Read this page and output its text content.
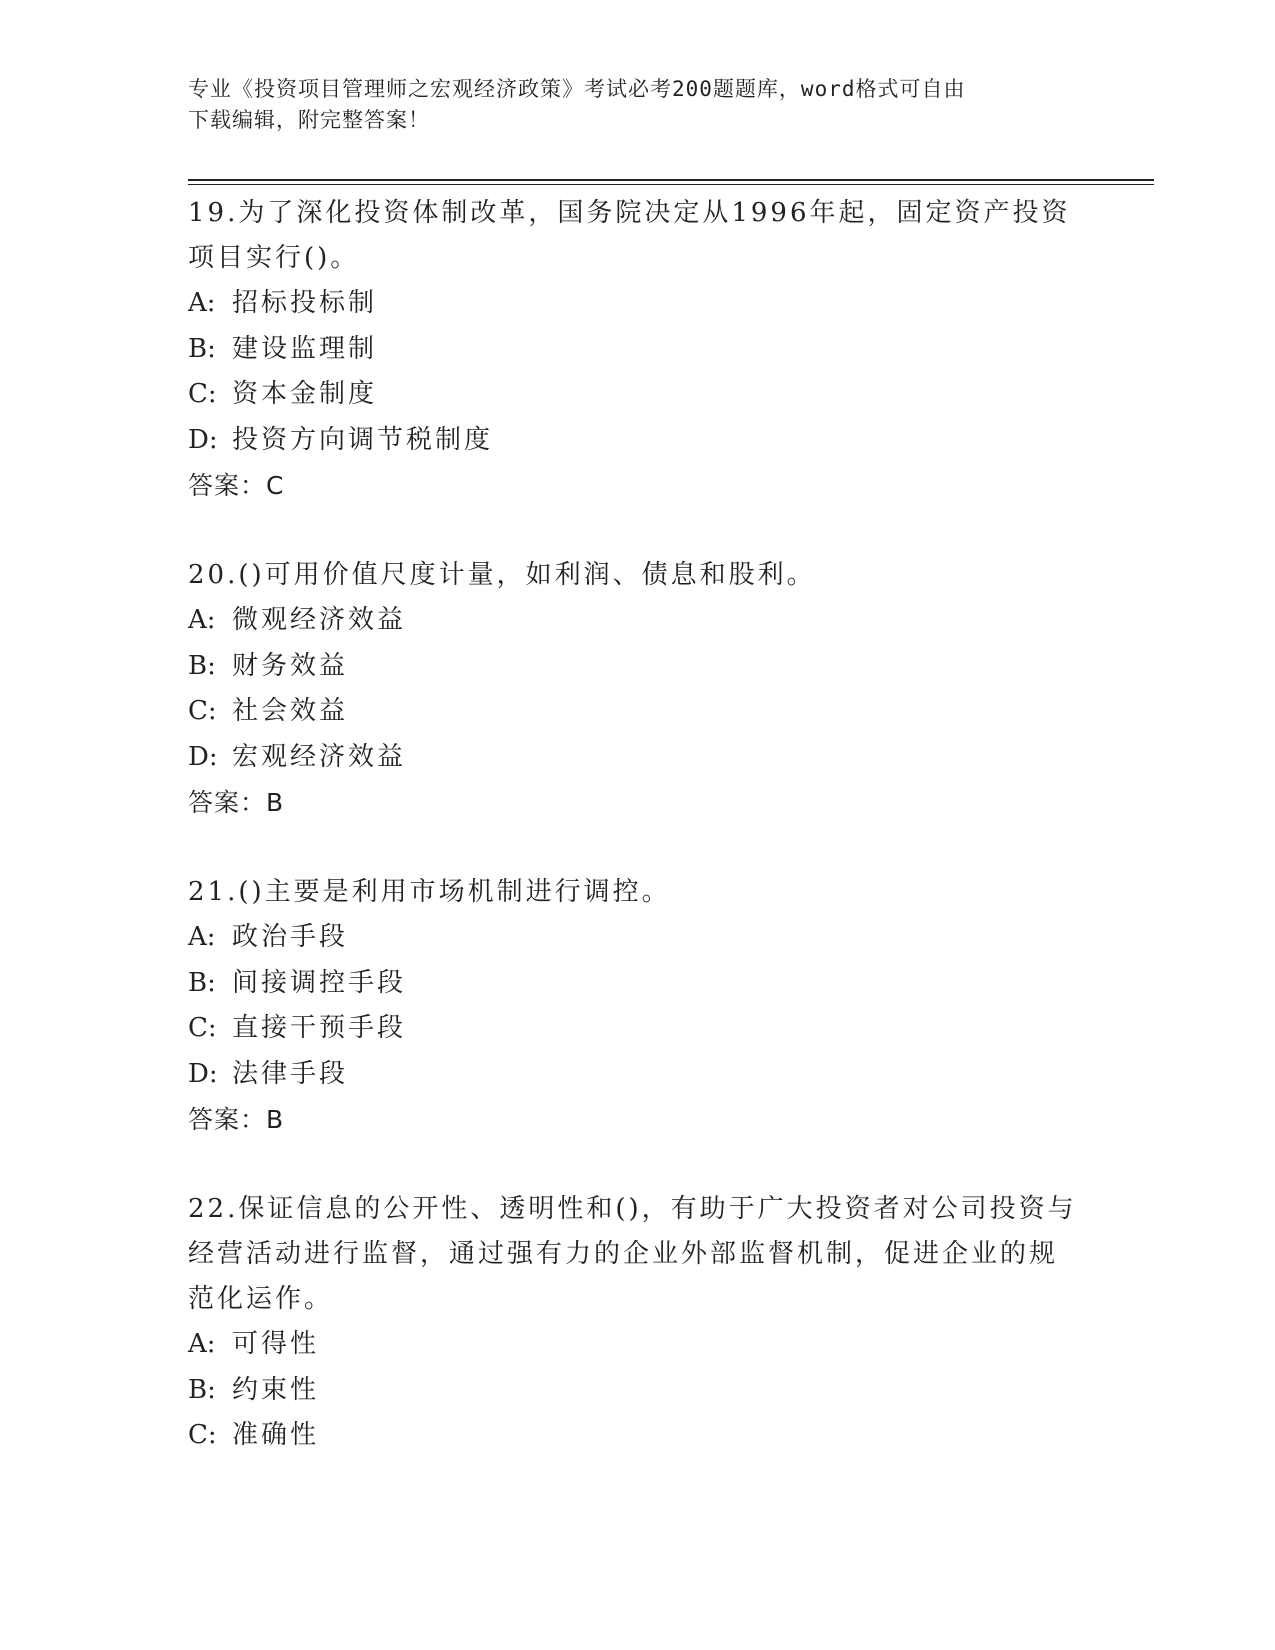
专业《投资项目管理师之宏观经济政策》考试必考200题题库，word格式可自由
下载编辑，附完整答案！
19.为了深化投资体制改革，国务院决定从1996年起，固定资产投资
项目实行()。
A: 招标投标制
B: 建设监理制
C: 资本金制度
D: 投资方向调节税制度
答案：C
20.()可用价值尺度计量，如利润、债息和股利。
A: 微观经济效益
B: 财务效益
C: 社会效益
D: 宏观经济效益
答案：B
21.()主要是利用市场机制进行调控。
A: 政治手段
B: 间接调控手段
C: 直接干预手段
D: 法律手段
答案：B
22.保证信息的公开性、透明性和()，有助于广大投资者对公司投资与
经营活动进行监督，通过强有力的企业外部监督机制，促进企业的规
范化运作。
A: 可得性
B: 约束性
C: 准确性
